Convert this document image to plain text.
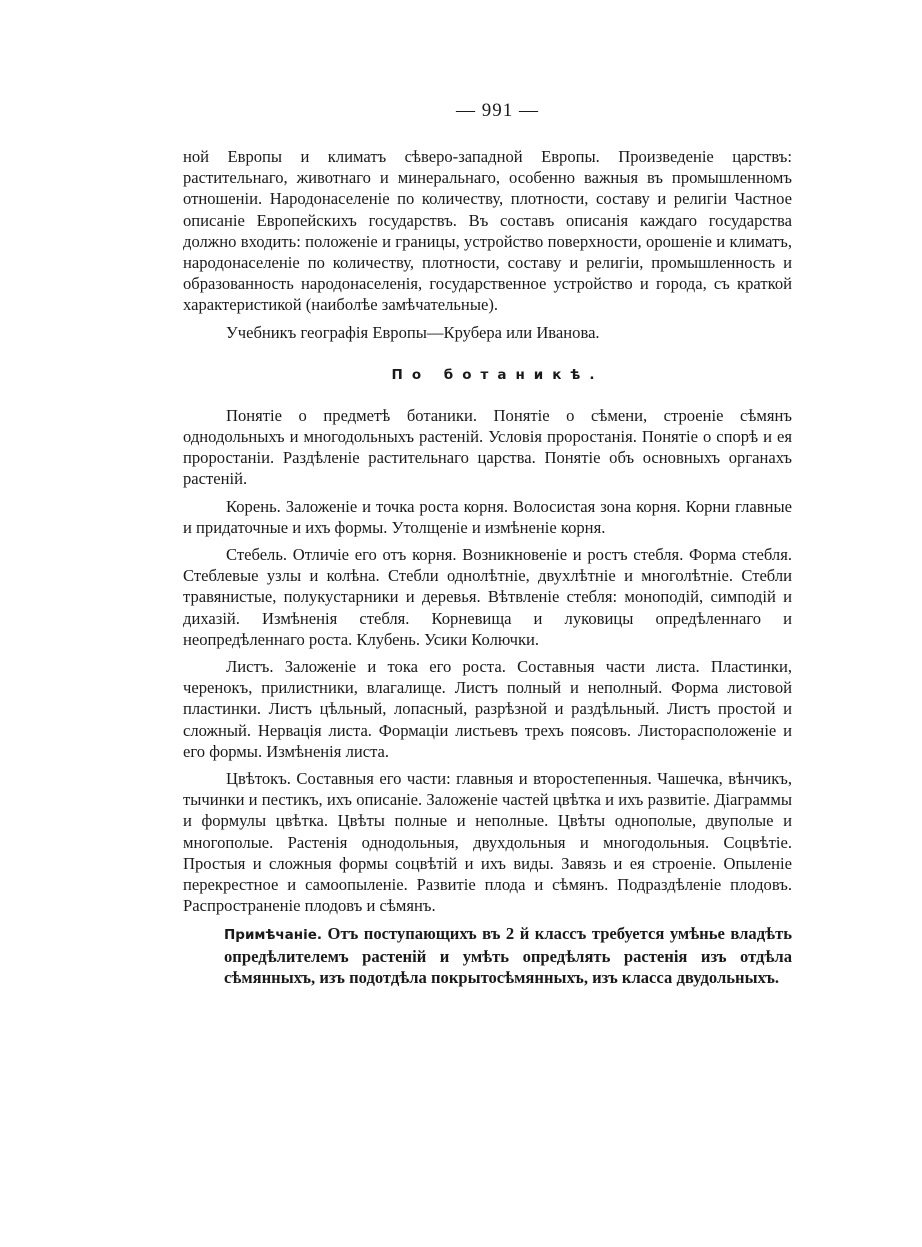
— 991 —

ной Европы и климатъ сѣверо-западной Европы. Произведенiе царствъ: растительнаго, животнаго и минеральнаго, особенно важныя въ промышленномъ отношенiи. Народонаселенiе по количеству, плотности, составу и религiи Частное описанiе Европейскихъ государствъ. Въ составъ описанiя каждаго государства должно входить: положенiе и границы, устройство поверхности, орошенiе и климатъ, народонаселенiе по количеству, плотности, составу и религiи, промышленность и образованность народонаселенiя, государственное устройство и города, съ краткой характеристикой (наиболѣе замѣчательные).

Учебникъ географiя Европы—Крубера или Иванова.

По ботаникѣ.

Понятiе о предметѣ ботаники. Понятiе о сѣмени, строенiе сѣмянъ однодольныхъ и многодольныхъ растенiй. Условiя проростанiя. Понятiе о спорѣ и ея проростанiи. Раздѣленiе растительнаго царства. Понятiе объ основныхъ органахъ растенiй.

Корень. Заложенiе и точка роста корня. Волосистая зона корня. Корни главные и придаточные и ихъ формы. Утолщенiе и измѣненiе корня.

Стебель. Отличiе его отъ корня. Возникновенiе и ростъ стебля. Форма стебля. Стеблевые узлы и колѣна. Стебли однолѣтнiе, двухлѣтнiе и многолѣтнiе. Стебли травянистые, полукустарники и деревья. Вѣтвленiе стебля: моноподiй, симподiй и дихазiй. Измѣненiя стебля. Корневища и луковицы опредѣленнаго и неопредѣленнаго роста. Клубень. Усики Колючки.

Листъ. Заложенiе и тока его роста. Составныя части листа. Пластинки, черенокъ, прилистники, влагалище. Листъ полный и неполный. Форма листовой пластинки. Листъ цѣльный, лопасный, разрѣзной и раздѣльный. Листъ простой и сложный. Нервацiя листа. Формацiи листьевъ трехъ поясовъ. Листорасположенiе и его формы. Измѣненiя листа.

Цвѣтокъ. Составныя его части: главныя и второстепенныя. Чашечка, вѣнчикъ, тычинки и пестикъ, ихъ описанiе. Заложенiе частей цвѣтка и ихъ развитiе. Дiаграммы и формулы цвѣтка. Цвѣты полные и неполные. Цвѣты однополые, двуполые и многополые. Растенiя однодольныя, двухдольныя и многодольныя. Соцвѣтiе. Простыя и сложныя формы соцвѣтiй и ихъ виды. Завязь и ея строенiе. Опыленiе перекрестное и самоопыленiе. Развитiе плода и сѣмянъ. Подраздѣленiе плодовъ. Распространенiе плодовъ и сѣмянъ.

Примѣчанiе. Отъ поступающихъ въ 2 й классъ требуется умѣнье владѣть опредѣлителемъ растенiй и умѣть опредѣлять растенiя изъ отдѣла сѣмянныхъ, изъ подотдѣла покрытосѣмянныхъ, изъ класса двудольныхъ.
